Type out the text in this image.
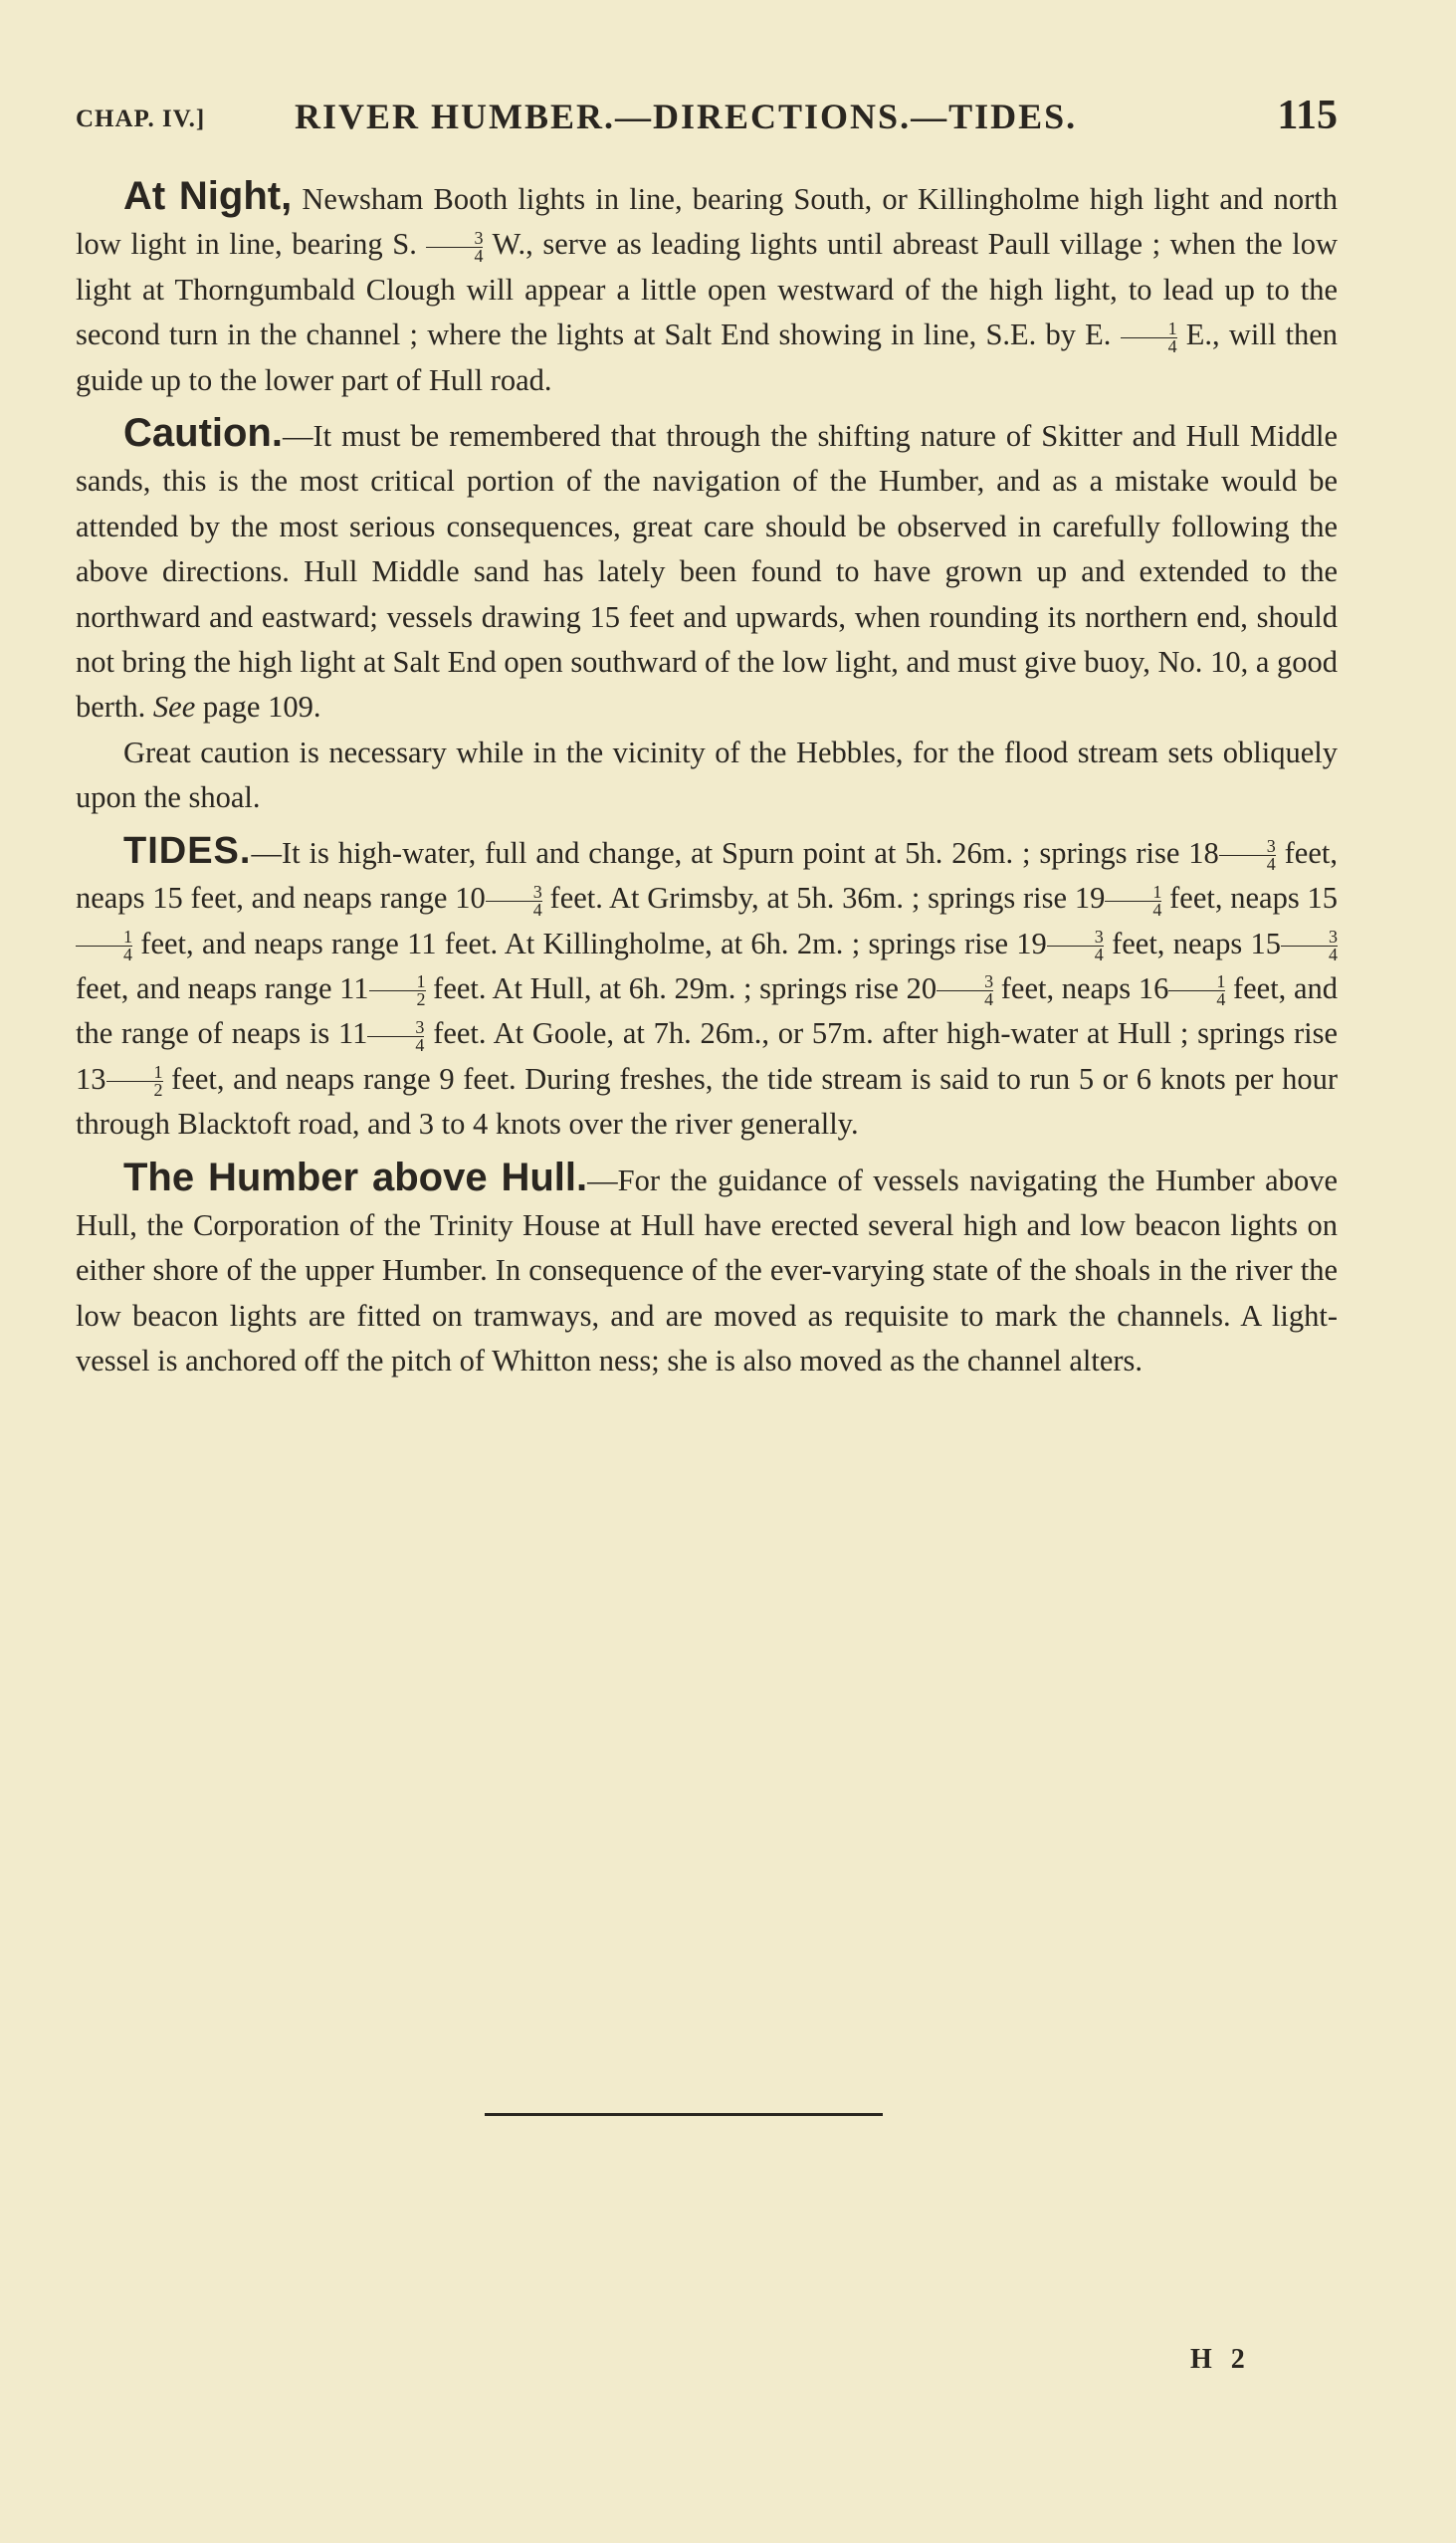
CHAP. IV.] RIVER HUMBER.—DIRECTIONS.—TIDES.	115

At Night, Newsham Booth lights in line, bearing South, or Killingholme high light and north low light in line, bearing S. $\frac{3}{4} W$., serve as leading lights until abreast Paull village ; when the low light at Thorngumbald Clough will appear a little open westward of the high light, to lead up to the second turn in the channel ; where the lights at Salt End showing in line, S.E. by E. $\frac{1}{4} E$., will then guide up to the lower part of Hull road.

Caution.—It must be remembered that through the shifting nature of Skitter and Hull Middle sands, this is the most critical portion of the navigation of the Humber, and as a mistake would be attended by the most serious consequences, great care should be observed in carefully following the above directions. Hull Middle sand has lately been found to have grown up and extended to the northward and eastward; vessels drawing 15 feet and upwards, when rounding its northern end, should not bring the high light at Salt End open southward of the low light, and must give buoy, No. 10, a good berth. See page 109.

Great caution is necessary while in the vicinity of the Hebbles, for the flood stream sets obliquely upon the shoal.

TIDES.—It is high-water, full and change, at Spurn point at 5h. 26m. ; springs rise $18 \frac{3}{4}$ feet, neaps 15 feet, and neaps range $10 \frac{3}{4}$ feet. At Grimsby, at 5h. 36m. ; springs rise $19 \frac{1}{4}$ feet, neaps 15
$\frac{1}{4}$ feet, and neaps range 11 feet. At Killingholme, at 6h. 2m. ; springs rise $19 \frac{3}{4}$ feet, neaps $15 \frac{3}{4}$
feet, and neaps range $11 \frac{1}{2}$ feet. At Hull, at 6h. 29m. ; springs rise $20 \frac{3}{4}$ feet, neaps $16 \frac{1}{4}$ feet, and the range of neaps is $11 \frac{3}{4}$ feet. At Goole, at 7h. 26m., or 57m. after high-water at Hull ; springs rise $13 \frac{1}{2}$ feet, and neaps range 9 feet. During freshes, the tide stream is said to run 5 or 6 knots per hour through Blacktoft road, and 3 to 4 knots over the river generally.

The Humber above Hull.—For the guidance of vessels navigating the Humber above Hull, the Corporation of the Trinity House at Hull have erected several high and low beacon lights on either shore of the upper Humber. In consequence of the ever-varying state of the shoals in the river the low beacon lights are fitted on tramways, and are moved as requisite to mark the channels. A light-vessel is anchored off the pitch of Whitton ness; she is also moved as the channel alters.

H 2
